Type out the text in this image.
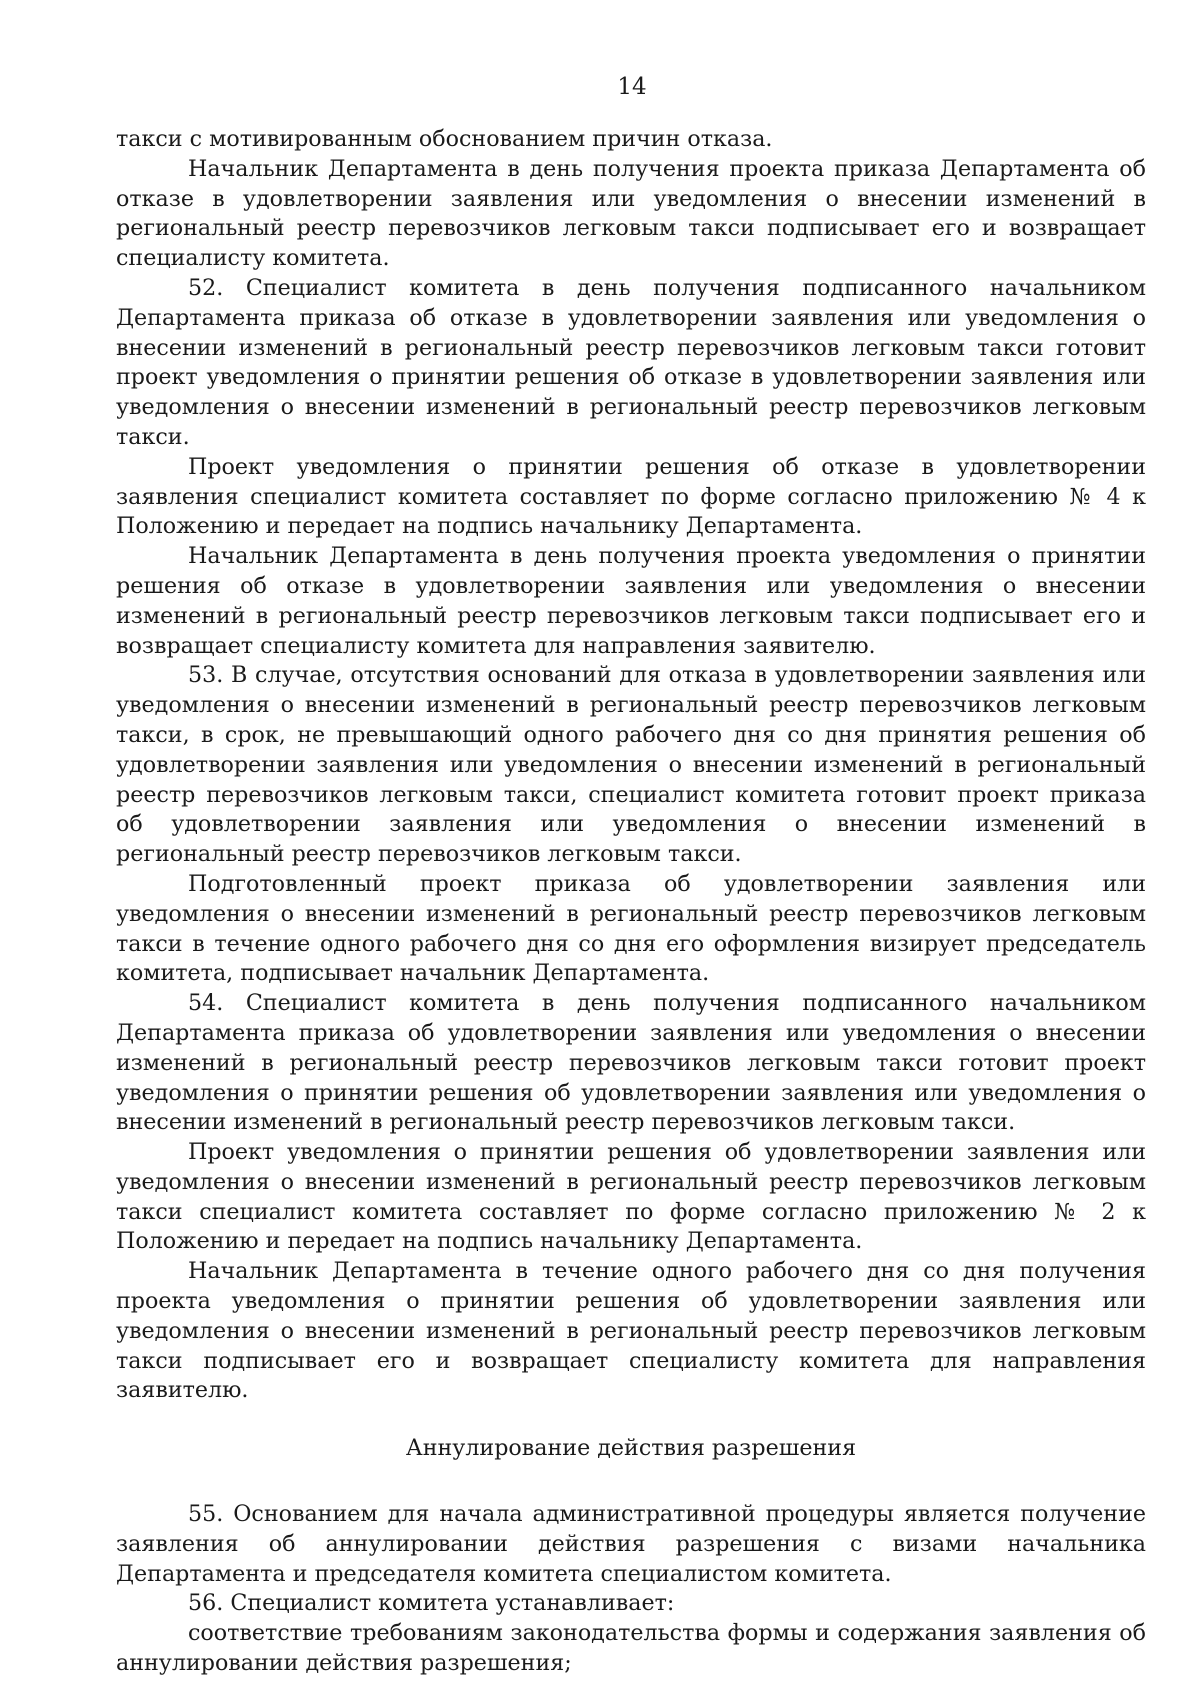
14

такси с мотивированным обоснованием причин отказа.

Начальник Департамента в день получения проекта приказа Департамента об отказе в удовлетворении заявления или уведомления о внесении изменений в региональный реестр перевозчиков легковым такси подписывает его и возвращает специалисту комитета.

52. Специалист комитета в день получения подписанного начальником Департамента приказа об отказе в удовлетворении заявления или уведомления о внесении изменений в региональный реестр перевозчиков легковым такси готовит проект уведомления о принятии решения об отказе в удовлетворении заявления или уведомления о внесении изменений в региональный реестр перевозчиков легковым такси.

Проект уведомления о принятии решения об отказе в удовлетворении заявления специалист комитета составляет по форме согласно приложению № 4 к Положению и передает на подпись начальнику Департамента.

Начальник Департамента в день получения проекта уведомления о принятии решения об отказе в удовлетворении заявления или уведомления о внесении изменений в региональный реестр перевозчиков легковым такси подписывает его и возвращает специалисту комитета для направления заявителю.

53. В случае, отсутствия оснований для отказа в удовлетворении заявления или уведомления о внесении изменений в региональный реестр перевозчиков легковым такси, в срок, не превышающий одного рабочего дня со дня принятия решения об удовлетворении заявления или уведомления о внесении изменений в региональный реестр перевозчиков легковым такси, специалист комитета готовит проект приказа об удовлетворении заявления или уведомления о внесении изменений в региональный реестр перевозчиков легковым такси.

Подготовленный проект приказа об удовлетворении заявления или уведомления о внесении изменений в региональный реестр перевозчиков легковым такси в течение одного рабочего дня со дня его оформления визирует председатель комитета, подписывает начальник Департамента.

54. Специалист комитета в день получения подписанного начальником Департамента приказа об удовлетворении заявления или уведомления о внесении изменений в региональный реестр перевозчиков легковым такси готовит проект уведомления о принятии решения об удовлетворении заявления или уведомления о внесении изменений в региональный реестр перевозчиков легковым такси.

Проект уведомления о принятии решения об удовлетворении заявления или уведомления о внесении изменений в региональный реестр перевозчиков легковым такси специалист комитета составляет по форме согласно приложению № 2 к Положению и передает на подпись начальнику Департамента.

Начальник Департамента в течение одного рабочего дня со дня получения проекта уведомления о принятии решения об удовлетворении заявления или уведомления о внесении изменений в региональный реестр перевозчиков легковым такси подписывает его и возвращает специалисту комитета для направления заявителю.

Аннулирование действия разрешения

55. Основанием для начала административной процедуры является получение заявления об аннулировании действия разрешения с визами начальника Департамента и председателя комитета специалистом комитета.

56. Специалист комитета устанавливает:

соответствие требованиям законодательства формы и содержания заявления об аннулировании действия разрешения;
